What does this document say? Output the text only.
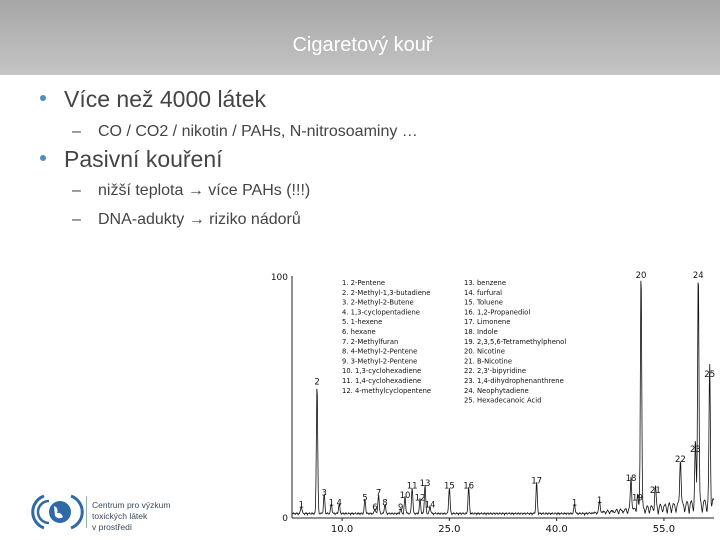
Cigaretový kouř
Více než 4000 látek
– CO / CO2 / nikotin / PAHs, N-nitrosoaminy …
Pasivní kouření
– nižší teplota → více PAHs (!!!)
– DNA-adukty → riziko nádorů
Centrum pro výzkum
toxických látek
v prostředí
1
2
3
1 4 5
6
7
8 9
10
11
12
13
14
15 16	17
1 1
18
19
20
21
22
23
24
25
100
0
10.0	25.0	40.0	55.0
1. 2-Pentene
2. 2-Methyl-1,3-butadiene
3. 2-Methyl-2-Butene
4. 1,3-cyclopentadiene
5. 1-hexene
6. hexane
7. 2-Methylfuran
8. 4-Methyl-2-Pentene
9. 3-Methyl-2-Pentene
10. 1,3-cyclohexadiene
11. 1,4-cyclohexadiene
12. 4-methylcyclopentene
13. benzene
14. furfural
15. Toluene
16. 1,2-Propanediol
17. Limonene
18. Indole
19. 2,3,5,6-Tetramethylphenol
20. Nicotine
21. B-Nicotine
22. 2,3'-bipyridine
23. 1,4-dihydrophenanthrene
24. Neophytadiene
25. Hexadecanoic Acid
